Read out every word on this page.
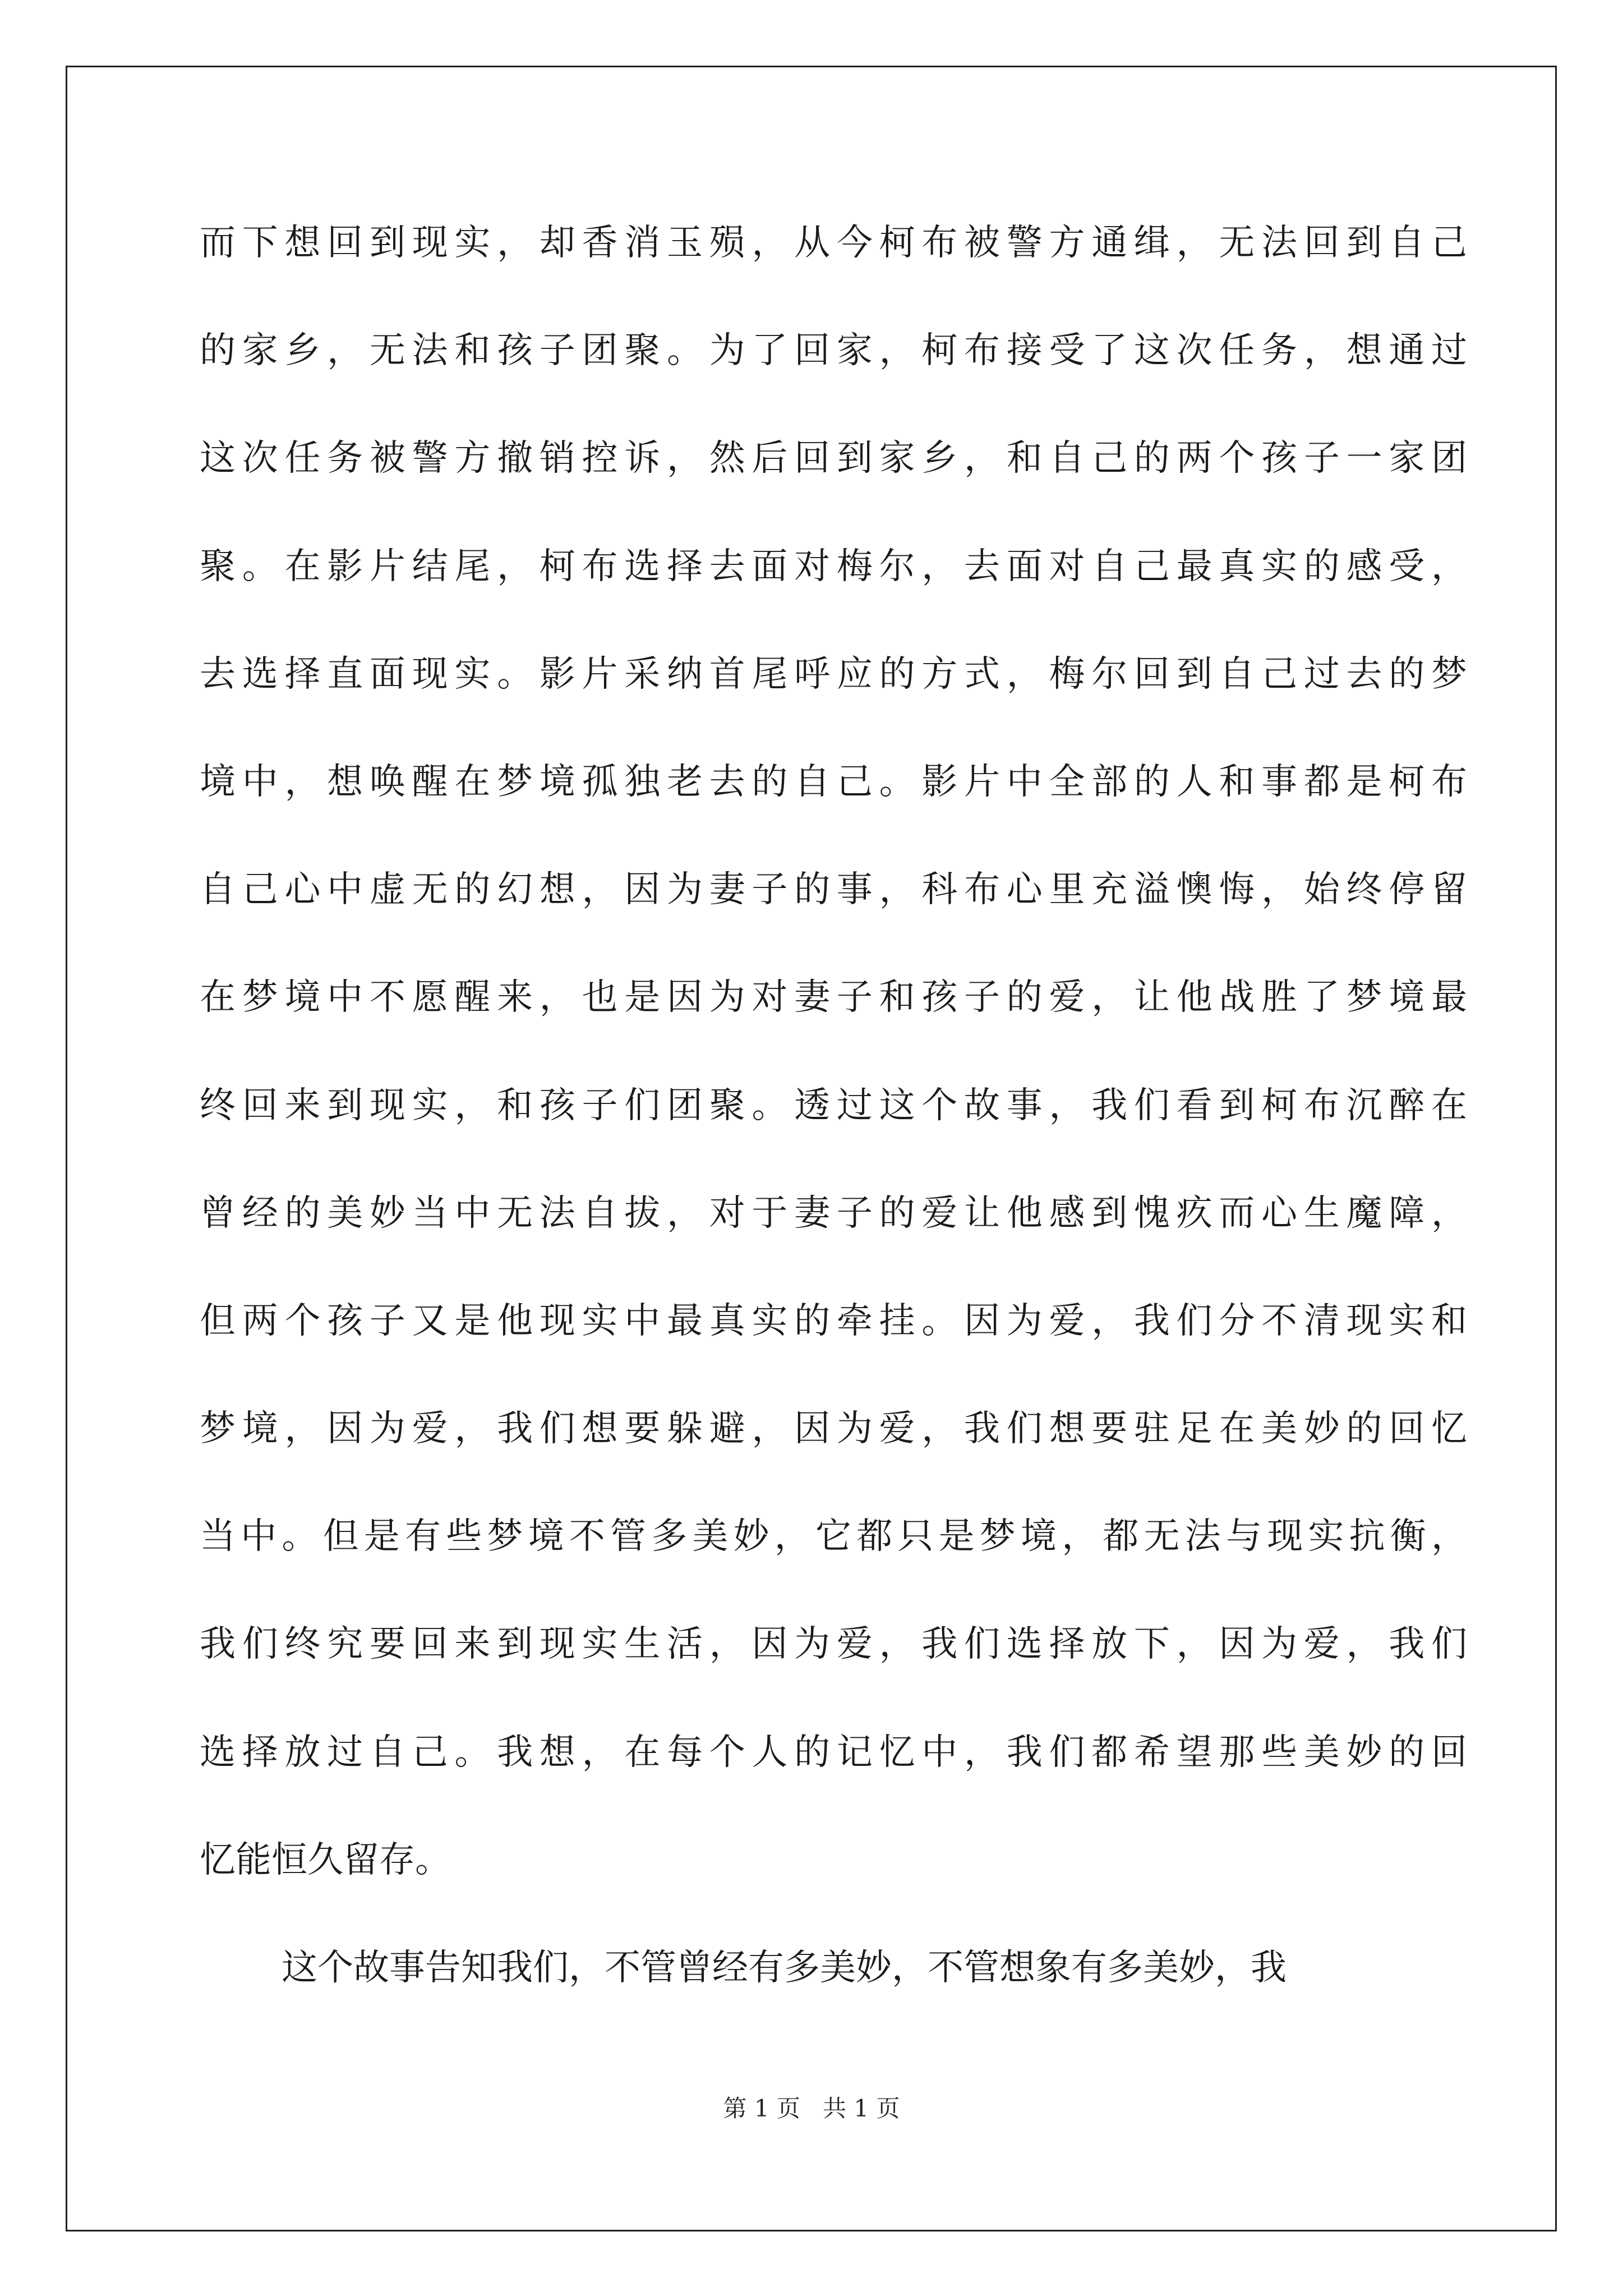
而下想回到现实，却香消玉殒，从今柯布被警方通缉，无法回到自己
的家乡，无法和孩子团聚。为了回家，柯布接受了这次任务，想通过
这次任务被警方撤销控诉，然后回到家乡，和自己的两个孩子一家团
聚。在影片结尾，柯布选择去面对梅尔，去面对自己最真实的感受，
去选择直面现实。影片采纳首尾呼应的方式，梅尔回到自己过去的梦
境中，想唤醒在梦境孤独老去的自己。影片中全部的人和事都是柯布
自己心中虚无的幻想，因为妻子的事，科布心里充溢懊悔，始终停留
在梦境中不愿醒来，也是因为对妻子和孩子的爱，让他战胜了梦境最
终回来到现实，和孩子们团聚。透过这个故事，我们看到柯布沉醉在
曾经的美妙当中无法自拔，对于妻子的爱让他感到愧疚而心生魔障，
但两个孩子又是他现实中最真实的牵挂。因为爱，我们分不清现实和
梦境，因为爱，我们想要躲避，因为爱，我们想要驻足在美妙的回忆
当中。但是有些梦境不管多美妙，它都只是梦境，都无法与现实抗衡，
我们终究要回来到现实生活，因为爱，我们选择放下，因为爱，我们
选择放过自己。我想，在每个人的记忆中，我们都希望那些美妙的回
忆能恒久留存。
这个故事告知我们，不管曾经有多美妙，不管想象有多美妙，我
第 1 页   共 1 页
